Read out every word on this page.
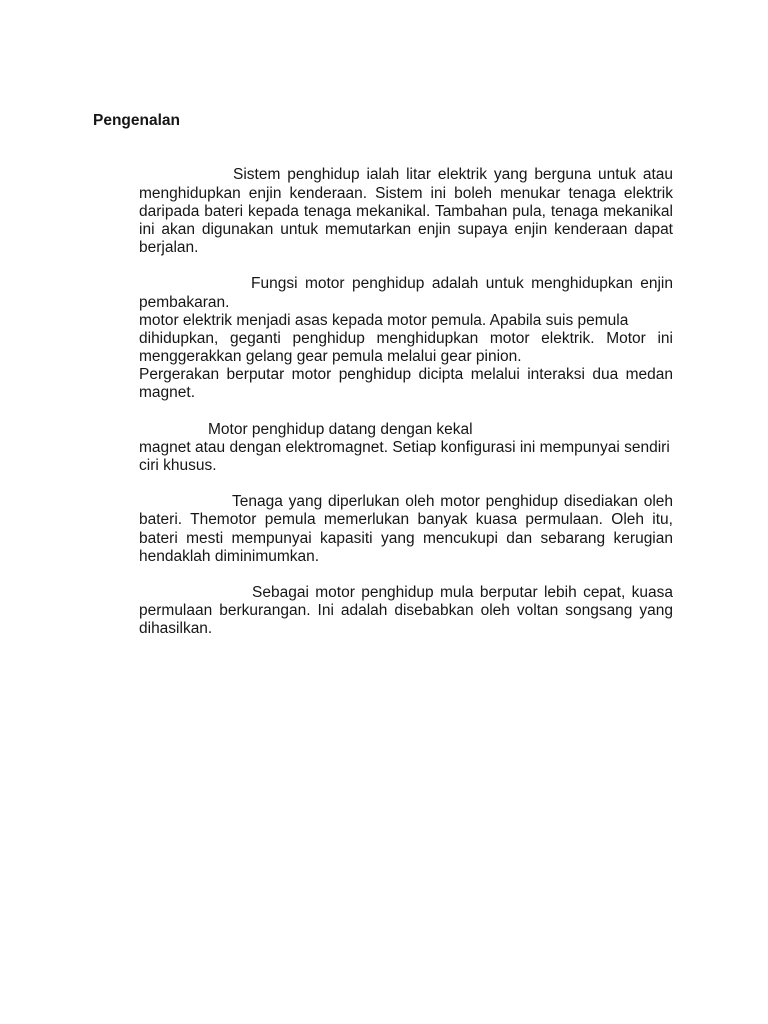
Pengenalan
Sistem penghidup ialah litar elektrik yang berguna untuk atau
menghidupkan enjin kenderaan. Sistem ini boleh menukar tenaga elektrik
daripada bateri kepada tenaga mekanikal. Tambahan pula, tenaga mekanikal
ini akan digunakan untuk memutarkan enjin supaya enjin kenderaan dapat
berjalan.
Fungsi motor penghidup adalah untuk menghidupkan enjin
pembakaran.
motor elektrik menjadi asas kepada motor pemula. Apabila suis pemula
dihidupkan, geganti penghidup menghidupkan motor elektrik. Motor ini
menggerakkan gelang gear pemula melalui gear pinion.
Pergerakan berputar motor penghidup dicipta melalui interaksi dua medan
magnet.
Motor penghidup datang dengan kekal
magnet atau dengan elektromagnet. Setiap konfigurasi ini mempunyai sendiri
ciri khusus.
Tenaga yang diperlukan oleh motor penghidup disediakan oleh
bateri. Themotor pemula memerlukan banyak kuasa permulaan. Oleh itu,
bateri mesti mempunyai kapasiti yang mencukupi dan sebarang kerugian
hendaklah diminimumkan.
Sebagai motor penghidup mula berputar lebih cepat, kuasa
permulaan berkurangan. Ini adalah disebabkan oleh voltan songsang yang
dihasilkan.
